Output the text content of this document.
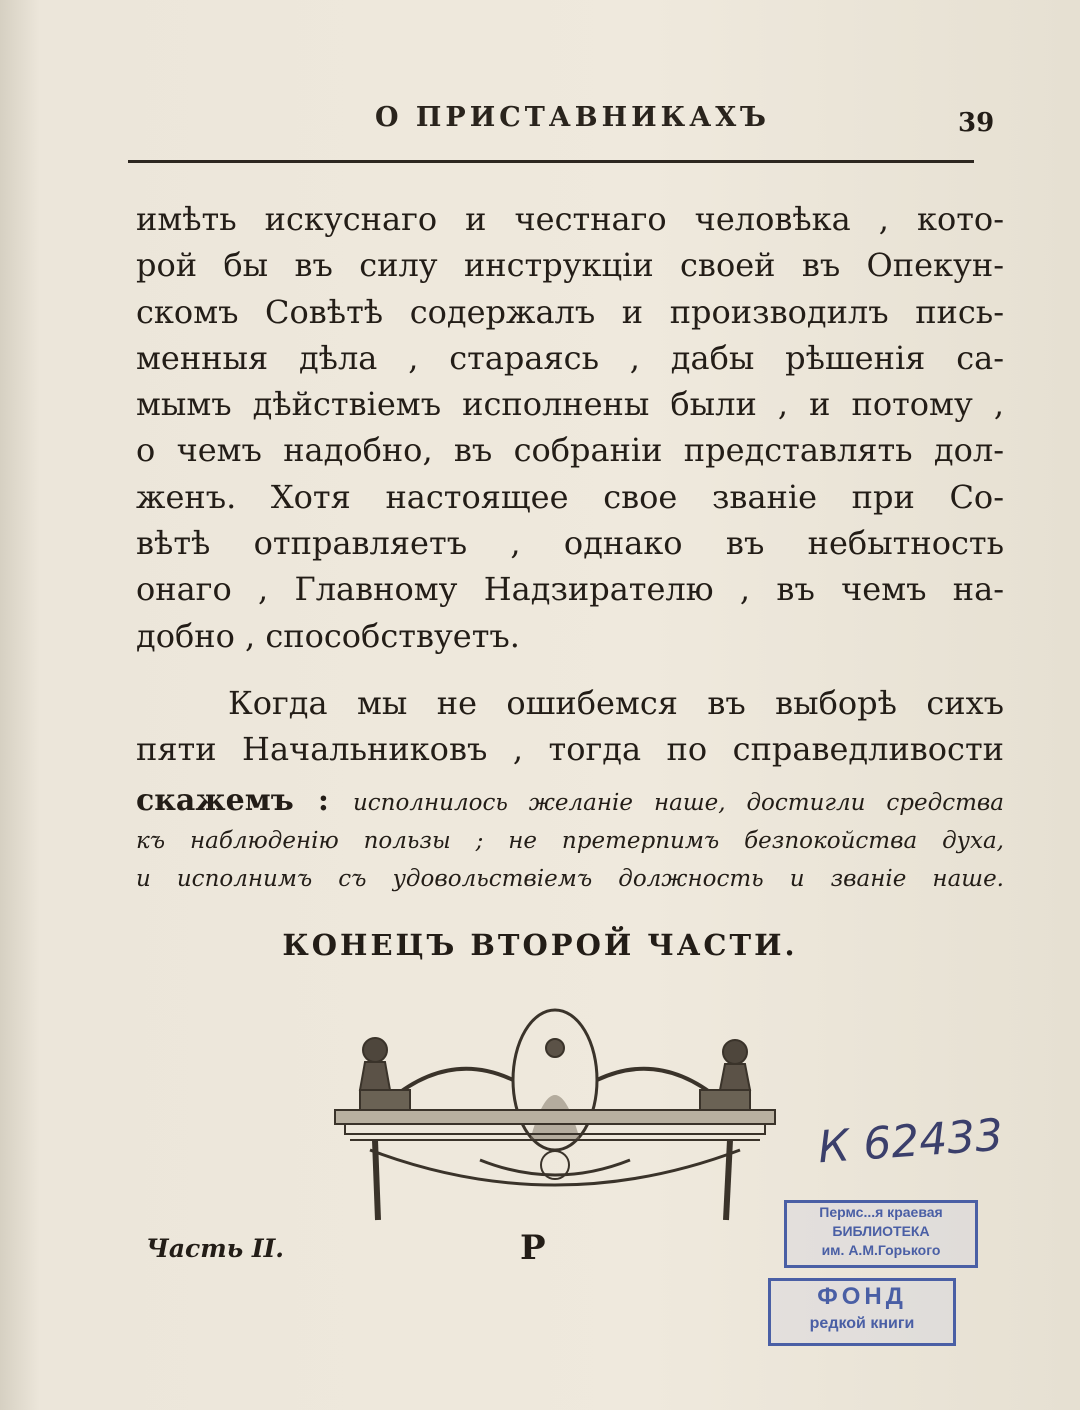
О ПРИСТАВНИКАХЪ	39
имѣть искуснаго и честнаго человѣка , кото-
рой бы въ силу инструкціи своей въ Опекун-
скомъ Совѣтѣ содержалъ и производилъ пись-
менныя дѣла , стараясь , дабы рѣшенія са-
мымъ дѣйствіемъ исполнены были , и потому ,
о чемъ надобно, въ собраніи представлять дол-
женъ. Хотя настоящее свое званіе при Со-
вѣтѣ отправляетъ , однако въ небытность
онаго , Главному Надзирателю , въ чемъ на-
добно , способствуетъ.
Когда мы не ошибемся въ выборѣ сихъ
пяти Начальниковъ , тогда по справедливости
скажемъ : исполнилось желаніе наше, достигли средства
къ наблюденію пользы ; не претерпимъ безпокойства духа,
и исполнимъ съ удовольствіемъ должность и званіе наше.
КОНЕЦЪ ВТОРОЙ ЧАСТИ.
Часть II.	P
К 62433
Пермс...я краевая
БИБЛИОТЕКА
им. А.М.Горького
ФОНД
редкой книги
